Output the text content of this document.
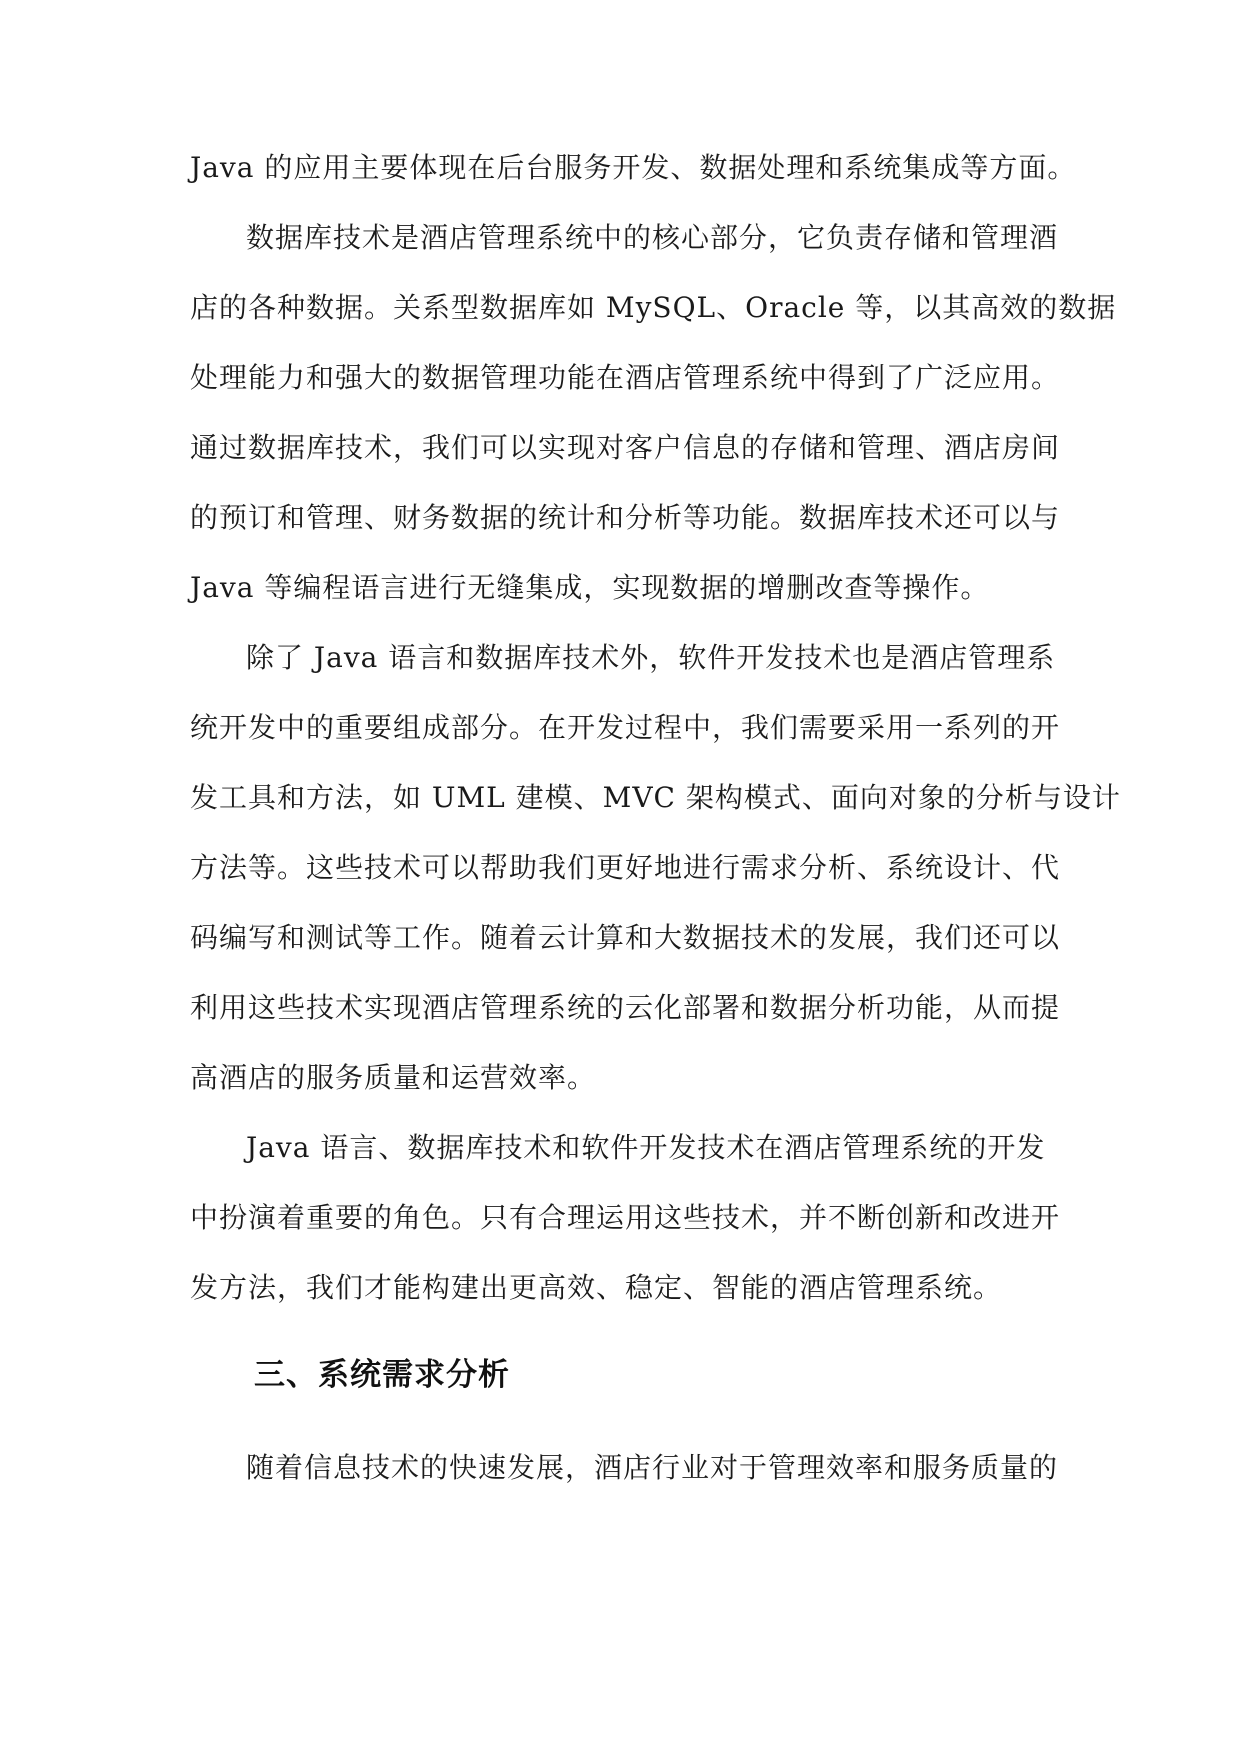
Java 的应用主要体现在后台服务开发、数据处理和系统集成等方面。
数据库技术是酒店管理系统中的核心部分，它负责存储和管理酒
店的各种数据。关系型数据库如 MySQL、Oracle 等，以其高效的数据
处理能力和强大的数据管理功能在酒店管理系统中得到了广泛应用。
通过数据库技术，我们可以实现对客户信息的存储和管理、酒店房间
的预订和管理、财务数据的统计和分析等功能。数据库技术还可以与
Java 等编程语言进行无缝集成，实现数据的增删改查等操作。
除了 Java 语言和数据库技术外，软件开发技术也是酒店管理系
统开发中的重要组成部分。在开发过程中，我们需要采用一系列的开
发工具和方法，如 UML 建模、MVC 架构模式、面向对象的分析与设计
方法等。这些技术可以帮助我们更好地进行需求分析、系统设计、代
码编写和测试等工作。随着云计算和大数据技术的发展，我们还可以
利用这些技术实现酒店管理系统的云化部署和数据分析功能，从而提
高酒店的服务质量和运营效率。
Java 语言、数据库技术和软件开发技术在酒店管理系统的开发
中扮演着重要的角色。只有合理运用这些技术，并不断创新和改进开
发方法，我们才能构建出更高效、稳定、智能的酒店管理系统。
三、系统需求分析
随着信息技术的快速发展，酒店行业对于管理效率和服务质量的
